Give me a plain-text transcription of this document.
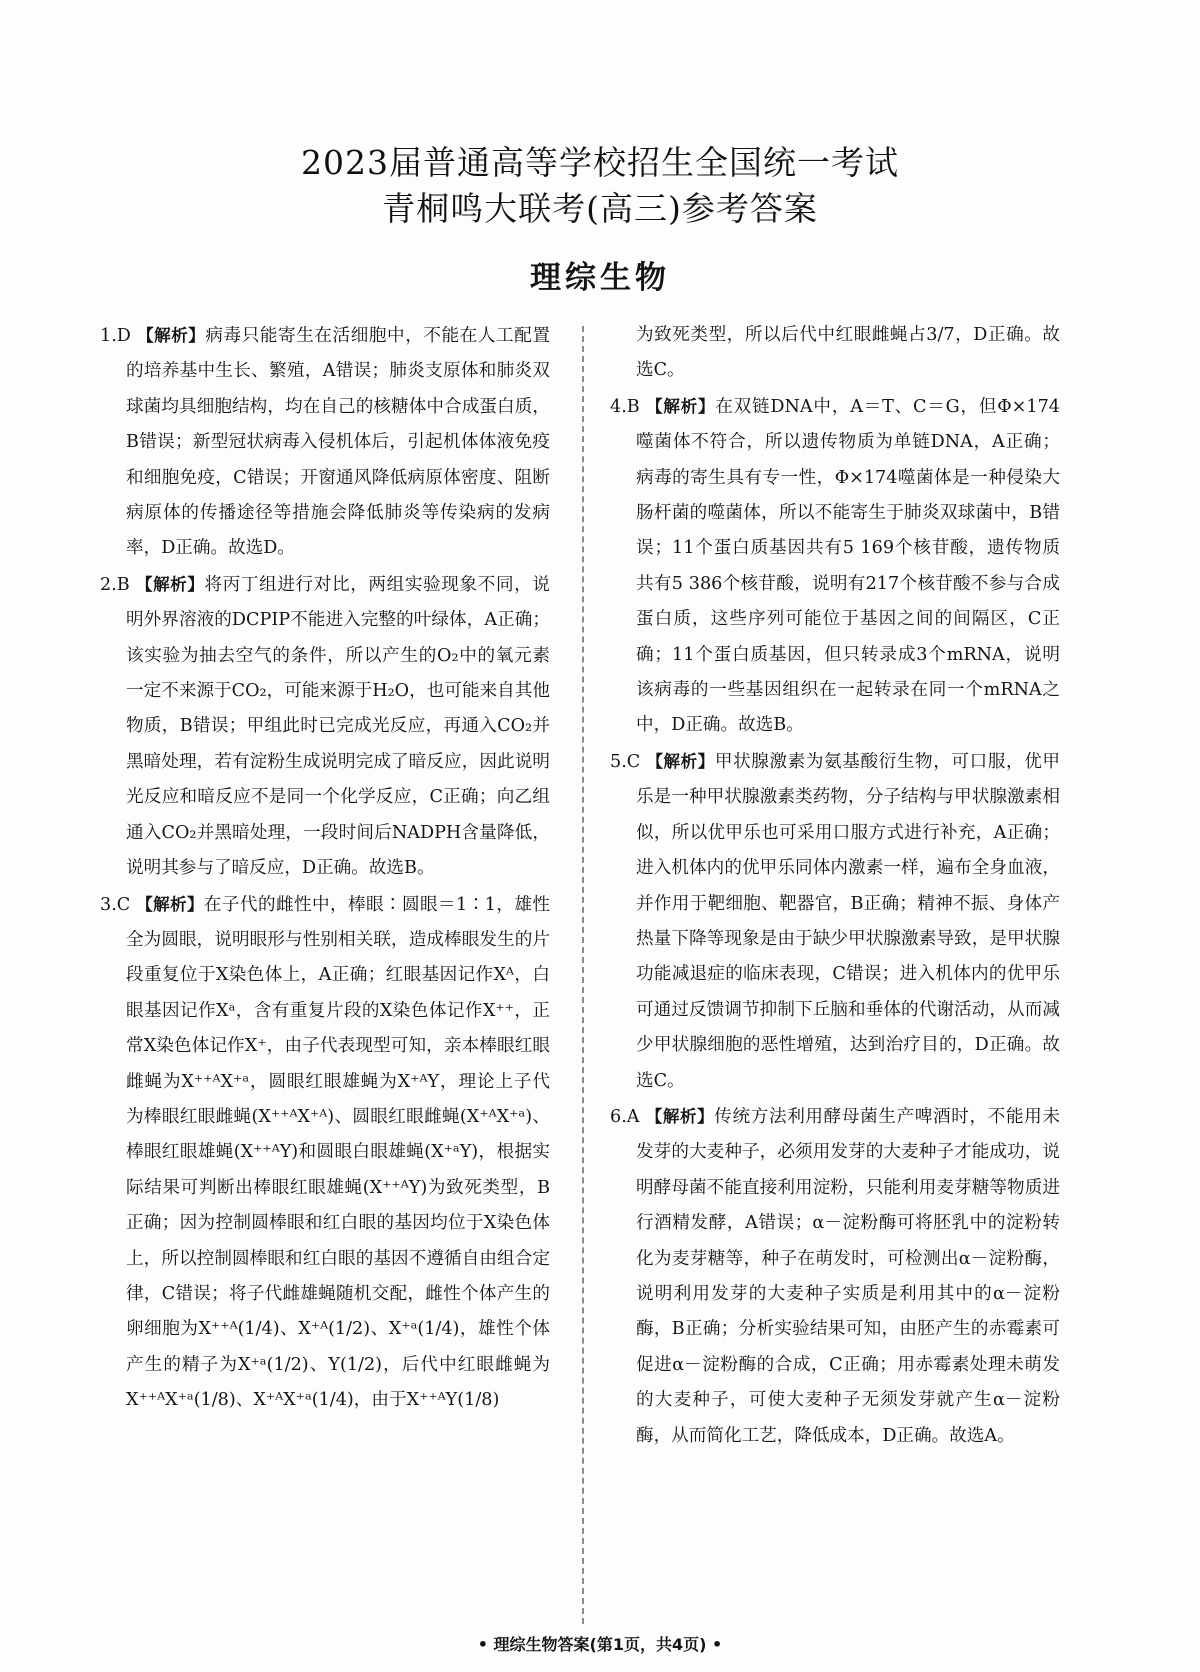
2023届普通高等学校招生全国统一考试
青桐鸣大联考(高三)参考答案
理综生物

1.D 【解析】病毒只能寄生在活细胞中，不能在人工配置的培养基中生长、繁殖，A错误；肺炎支原体和肺炎双球菌均具细胞结构，均在自己的核糖体中合成蛋白质，B错误；新型冠状病毒入侵机体后，引起机体体液免疫和细胞免疫，C错误；开窗通风降低病原体密度、阻断病原体的传播途径等措施会降低肺炎等传染病的发病率，D正确。故选D。

2.B 【解析】将丙丁组进行对比，两组实验现象不同，说明外界溶液的DCPIP不能进入完整的叶绿体，A正确；该实验为抽去空气的条件，所以产生的O₂中的氧元素一定不来源于CO₂，可能来源于H₂O，也可能来自其他物质，B错误；甲组此时已完成光反应，再通入CO₂并黑暗处理，若有淀粉生成说明完成了暗反应，因此说明光反应和暗反应不是同一个化学反应，C正确；向乙组通入CO₂并黑暗处理，一段时间后NADPH含量降低，说明其参与了暗反应，D正确。故选B。

3.C 【解析】在子代的雌性中，棒眼∶圆眼＝1∶1，雄性全为圆眼，说明眼形与性别相关联，造成棒眼发生的片段重复位于X染色体上，A正确；红眼基因记作Xᴬ，白眼基因记作Xᵃ，含有重复片段的X染色体记作X⁺⁺，正常X染色体记作X⁺，由子代表现型可知，亲本棒眼红眼雌蝇为X⁺⁺ᴬX⁺ᵃ，圆眼红眼雄蝇为X⁺ᴬY，理论上子代为棒眼红眼雌蝇(X⁺⁺ᴬX⁺ᴬ)、圆眼红眼雌蝇(X⁺ᴬX⁺ᵃ)、棒眼红眼雄蝇(X⁺⁺ᴬY)和圆眼白眼雄蝇(X⁺ᵃY)，根据实际结果可判断出棒眼红眼雄蝇(X⁺⁺ᴬY)为致死类型，B正确；因为控制圆棒眼和红白眼的基因均位于X染色体上，所以控制圆棒眼和红白眼的基因不遵循自由组合定律，C错误；将子代雌雄蝇随机交配，雌性个体产生的卵细胞为X⁺⁺ᴬ(1/4)、X⁺ᴬ(1/2)、X⁺ᵃ(1/4)，雄性个体产生的精子为X⁺ᵃ(1/2)、Y(1/2)，后代中红眼雌蝇为X⁺⁺ᴬX⁺ᵃ(1/8)、X⁺ᴬX⁺ᵃ(1/4)，由于X⁺⁺ᴬY(1/8)

为致死类型，所以后代中红眼雌蝇占3/7，D正确。故选C。

4.B 【解析】在双链DNA中，A＝T、C＝G，但Φ×174噬菌体不符合，所以遗传物质为单链DNA，A正确；病毒的寄生具有专一性，Φ×174噬菌体是一种侵染大肠杆菌的噬菌体，所以不能寄生于肺炎双球菌中，B错误；11个蛋白质基因共有5 169个核苷酸，遗传物质共有5 386个核苷酸，说明有217个核苷酸不参与合成蛋白质，这些序列可能位于基因之间的间隔区，C正确；11个蛋白质基因，但只转录成3个mRNA，说明该病毒的一些基因组织在一起转录在同一个mRNA之中，D正确。故选B。

5.C 【解析】甲状腺激素为氨基酸衍生物，可口服，优甲乐是一种甲状腺激素类药物，分子结构与甲状腺激素相似，所以优甲乐也可采用口服方式进行补充，A正确；进入机体内的优甲乐同体内激素一样，遍布全身血液，并作用于靶细胞、靶器官，B正确；精神不振、身体产热量下降等现象是由于缺少甲状腺激素导致，是甲状腺功能减退症的临床表现，C错误；进入机体内的优甲乐可通过反馈调节抑制下丘脑和垂体的代谢活动，从而减少甲状腺细胞的恶性增殖，达到治疗目的，D正确。故选C。

6.A 【解析】传统方法利用酵母菌生产啤酒时，不能用未发芽的大麦种子，必须用发芽的大麦种子才能成功，说明酵母菌不能直接利用淀粉，只能利用麦芽糖等物质进行酒精发酵，A错误；α－淀粉酶可将胚乳中的淀粉转化为麦芽糖等，种子在萌发时，可检测出α－淀粉酶，说明利用发芽的大麦种子实质是利用其中的α－淀粉酶，B正确；分析实验结果可知，由胚产生的赤霉素可促进α－淀粉酶的合成，C正确；用赤霉素处理未萌发的大麦种子，可使大麦种子无须发芽就产生α－淀粉酶，从而简化工艺，降低成本，D正确。故选A。

• 理综生物答案(第1页，共4页) •
